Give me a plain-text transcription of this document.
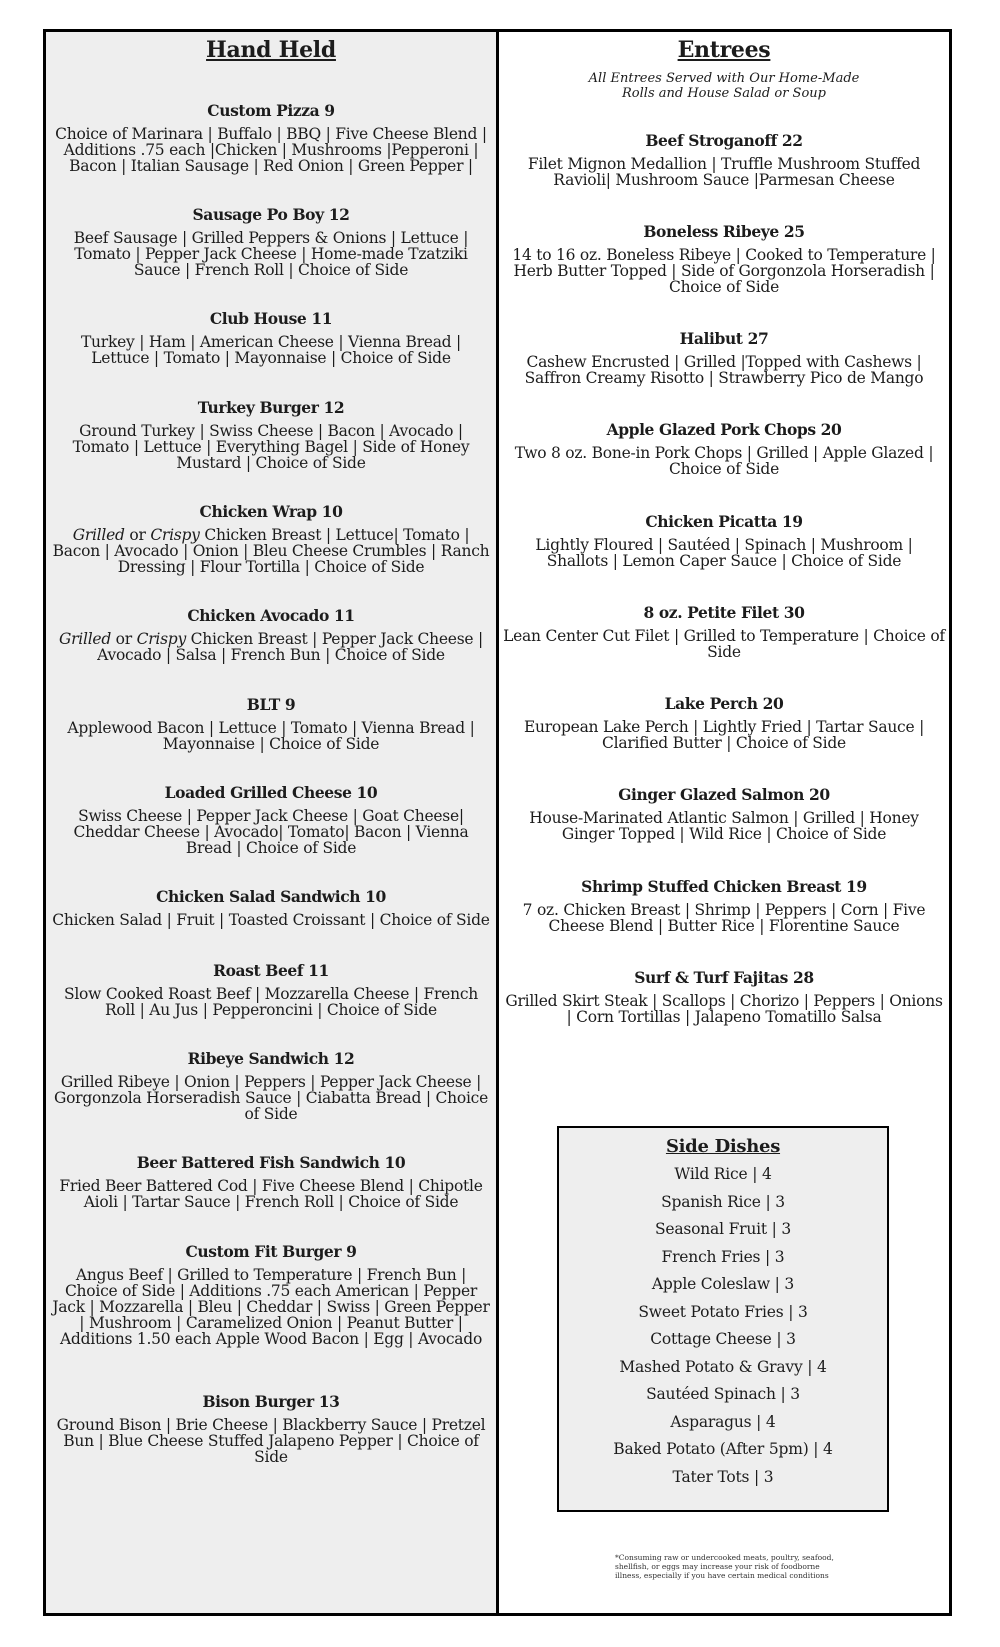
Hand Held
Custom Pizza 9
Choice of Marinara | Buffalo | BBQ | Five Cheese Blend | Additions .75 each |Chicken | Mushrooms |Pepperoni | Bacon | Italian Sausage | Red Onion | Green Pepper |
Sausage Po Boy 12
Beef Sausage | Grilled Peppers & Onions | Lettuce | Tomato | Pepper Jack Cheese | Home-made Tzatziki Sauce | French Roll | Choice of Side
Club House 11
Turkey | Ham | American Cheese | Vienna Bread | Lettuce | Tomato | Mayonnaise | Choice of Side
Turkey Burger 12
Ground Turkey | Swiss Cheese | Bacon | Avocado | Tomato | Lettuce | Everything Bagel | Side of Honey Mustard | Choice of Side
Chicken Wrap 10
Grilled or Crispy Chicken Breast | Lettuce| Tomato | Bacon | Avocado | Onion | Bleu Cheese Crumbles | Ranch Dressing | Flour Tortilla | Choice of Side
Chicken Avocado 11
Grilled or Crispy Chicken Breast | Pepper Jack Cheese | Avocado | Salsa | French Bun | Choice of Side
BLT 9
Applewood Bacon | Lettuce | Tomato | Vienna Bread | Mayonnaise | Choice of Side
Loaded Grilled Cheese 10
Swiss Cheese | Pepper Jack Cheese | Goat Cheese| Cheddar Cheese | Avocado| Tomato| Bacon | Vienna Bread | Choice of Side
Chicken Salad Sandwich 10
Chicken Salad | Fruit | Toasted Croissant | Choice of Side
Roast Beef 11
Slow Cooked Roast Beef | Mozzarella Cheese | French Roll | Au Jus | Pepperoncini | Choice of Side
Ribeye Sandwich 12
Grilled Ribeye | Onion | Peppers | Pepper Jack Cheese | Gorgonzola Horseradish Sauce | Ciabatta Bread | Choice of Side
Beer Battered Fish Sandwich 10
Fried Beer Battered Cod | Five Cheese Blend | Chipotle Aioli | Tartar Sauce | French Roll | Choice of Side
Custom Fit Burger 9
Angus Beef | Grilled to Temperature | French Bun | Choice of Side | Additions .75 each American | Pepper Jack | Mozzarella | Bleu | Cheddar | Swiss | Green Pepper | Mushroom | Caramelized Onion | Peanut Butter | Additions 1.50 each Apple Wood Bacon | Egg | Avocado
Bison Burger 13
Ground Bison | Brie Cheese | Blackberry Sauce | Pretzel Bun | Blue Cheese Stuffed Jalapeno Pepper | Choice of Side
Entrees
All Entrees Served with Our Home-Made Rolls and House Salad or Soup
Beef Stroganoff 22
Filet Mignon Medallion | Truffle Mushroom Stuffed Ravioli| Mushroom Sauce |Parmesan Cheese
Boneless Ribeye 25
14 to 16 oz. Boneless Ribeye | Cooked to Temperature | Herb Butter Topped | Side of Gorgonzola Horseradish | Choice of Side
Halibut 27
Cashew Encrusted | Grilled |Topped with Cashews | Saffron Creamy Risotto | Strawberry Pico de Mango
Apple Glazed Pork Chops 20
Two 8 oz. Bone-in Pork Chops | Grilled | Apple Glazed | Choice of Side
Chicken Picatta 19
Lightly Floured | Sautéed | Spinach | Mushroom | Shallots | Lemon Caper Sauce | Choice of Side
8 oz. Petite Filet 30
Lean Center Cut Filet | Grilled to Temperature | Choice of Side
Lake Perch 20
European Lake Perch | Lightly Fried | Tartar Sauce | Clarified Butter | Choice of Side
Ginger Glazed Salmon 20
House-Marinated Atlantic Salmon | Grilled | Honey Ginger Topped | Wild Rice | Choice of Side
Shrimp Stuffed Chicken Breast 19
7 oz. Chicken Breast | Shrimp | Peppers | Corn | Five Cheese Blend | Butter Rice | Florentine Sauce
Surf & Turf Fajitas 28
Grilled Skirt Steak | Scallops | Chorizo | Peppers | Onions | Corn Tortillas | Jalapeno Tomatillo Salsa
Side Dishes
Wild Rice | 4
Spanish Rice | 3
Seasonal Fruit | 3
French Fries | 3
Apple Coleslaw | 3
Sweet Potato Fries | 3
Cottage Cheese | 3
Mashed Potato & Gravy | 4
Sautéed Spinach | 3
Asparagus | 4
Baked Potato (After 5pm) | 4
Tater Tots | 3
*Consuming raw or undercooked meats, poultry, seafood, shellfish, or eggs may increase your risk of foodborne illness, especially if you have certain medical conditions
